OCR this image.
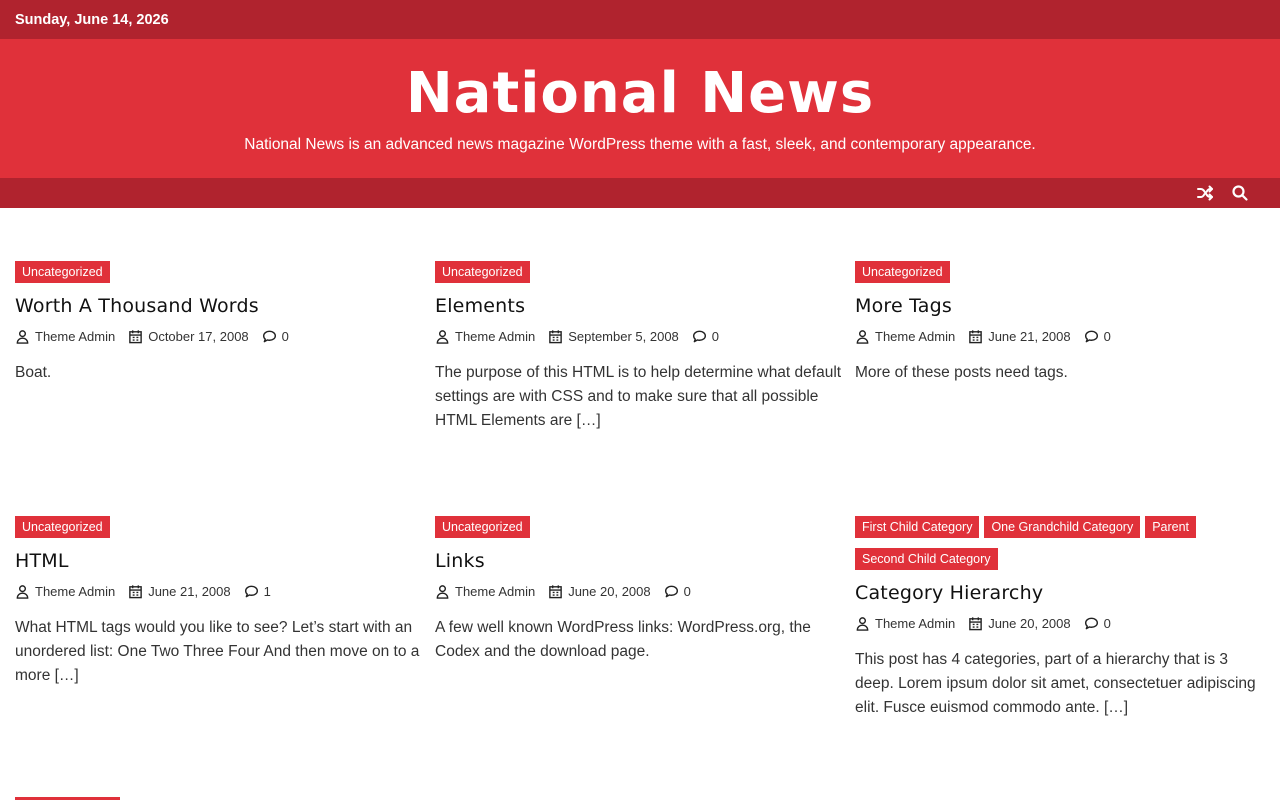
Sunday, June 14, 2026
National News
National News is an advanced news magazine WordPress theme with a fast, sleek, and contemporary appearance.
Uncategorized
Worth A Thousand Words
Theme Admin	October 17, 2008	0
Boat.
Uncategorized
Elements
Theme Admin	September 5, 2008	0
The purpose of this HTML is to help determine what default settings are with CSS and to make sure that all possible HTML Elements are […]
Uncategorized
More Tags
Theme Admin	June 21, 2008	0
More of these posts need tags.
Uncategorized
HTML
Theme Admin	June 21, 2008	1
What HTML tags would you like to see? Let’s start with an unordered list: One Two Three Four And then move on to a more […]
Uncategorized
Links
Theme Admin	June 20, 2008	0
A few well known WordPress links: WordPress.org, the Codex and the download page.
First Child Category	One Grandchild Category	Parent
Second Child Category
Category Hierarchy
Theme Admin	June 20, 2008	0
This post has 4 categories, part of a hierarchy that is 3 deep. Lorem ipsum dolor sit amet, consectetuer adipiscing elit. Fusce euismod commodo ante. […]
